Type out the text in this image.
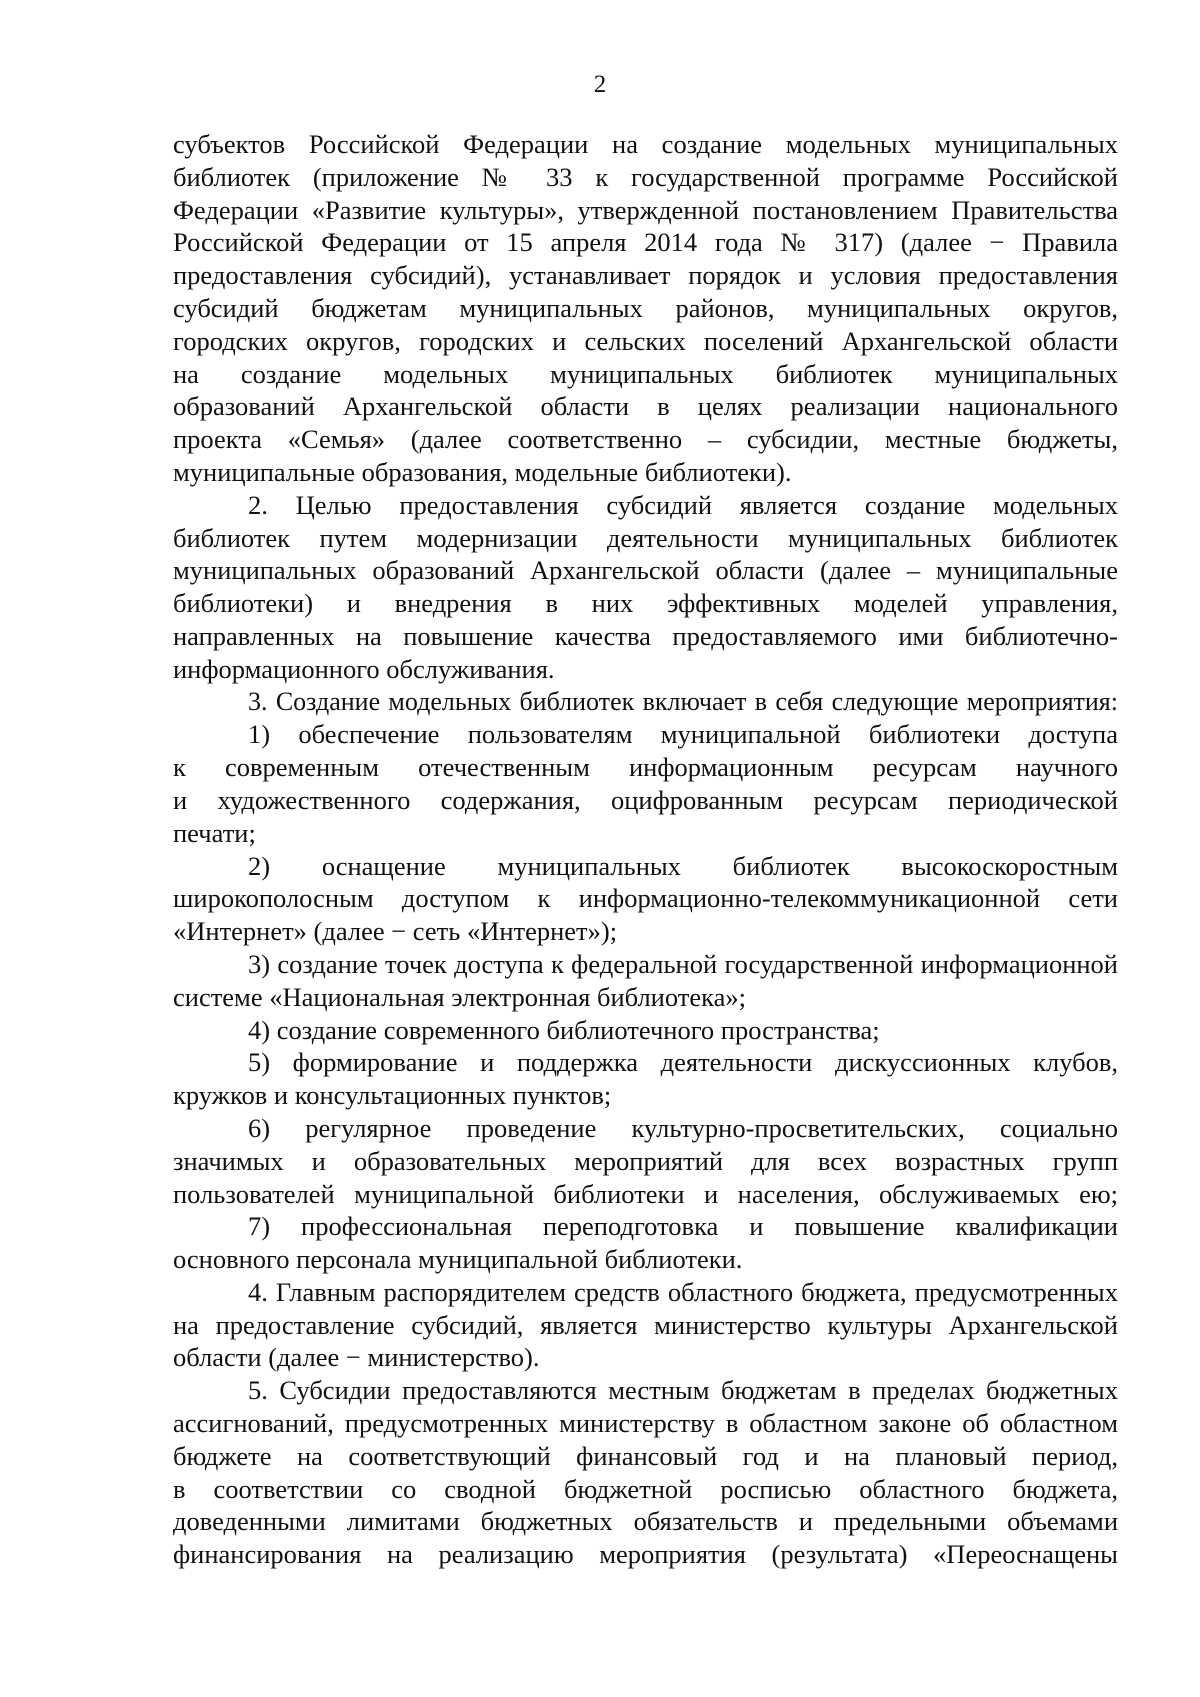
2
субъектов Российской Федерации на создание модельных муниципальных
библиотек (приложение № 33 к государственной программе Российской
Федерации «Развитие культуры», утвержденной постановлением Правительства
Российской Федерации от 15 апреля 2014 года № 317) (далее − Правила
предоставления субсидий), устанавливает порядок и условия предоставления
субсидий бюджетам муниципальных районов, муниципальных округов,
городских округов, городских и сельских поселений Архангельской области
на создание модельных муниципальных библиотек муниципальных
образований Архангельской области в целях реализации национального
проекта «Семья» (далее соответственно – субсидии, местные бюджеты,
муниципальные образования, модельные библиотеки).
2. Целью предоставления субсидий является создание модельных
библиотек путем модернизации деятельности муниципальных библиотек
муниципальных образований Архангельской области (далее – муниципальные
библиотеки) и внедрения в них эффективных моделей управления,
направленных на повышение качества предоставляемого ими библиотечно-
информационного обслуживания.
3. Создание модельных библиотек включает в себя следующие мероприятия:
1) обеспечение пользователям муниципальной библиотеки доступа
к современным отечественным информационным ресурсам научного
и художественного содержания, оцифрованным ресурсам периодической
печати;
2) оснащение муниципальных библиотек высокоскоростным
широкополосным доступом к информационно-телекоммуникационной сети
«Интернет» (далее − сеть «Интернет»);
3) создание точек доступа к федеральной государственной информационной
системе «Национальная электронная библиотека»;
4) создание современного библиотечного пространства;
5) формирование и поддержка деятельности дискуссионных клубов,
кружков и консультационных пунктов;
6) регулярное проведение культурно-просветительских, социально
значимых и образовательных мероприятий для всех возрастных групп
пользователей муниципальной библиотеки и населения, обслуживаемых ею;
7) профессиональная переподготовка и повышение квалификации
основного персонала муниципальной библиотеки.
4. Главным распорядителем средств областного бюджета, предусмотренных
на предоставление субсидий, является министерство культуры Архангельской
области (далее − министерство).
5. Субсидии предоставляются местным бюджетам в пределах бюджетных
ассигнований, предусмотренных министерству в областном законе об областном
бюджете на соответствующий финансовый год и на плановый период,
в соответствии со сводной бюджетной росписью областного бюджета,
доведенными лимитами бюджетных обязательств и предельными объемами
финансирования на реализацию мероприятия (результата) «Переоснащены
